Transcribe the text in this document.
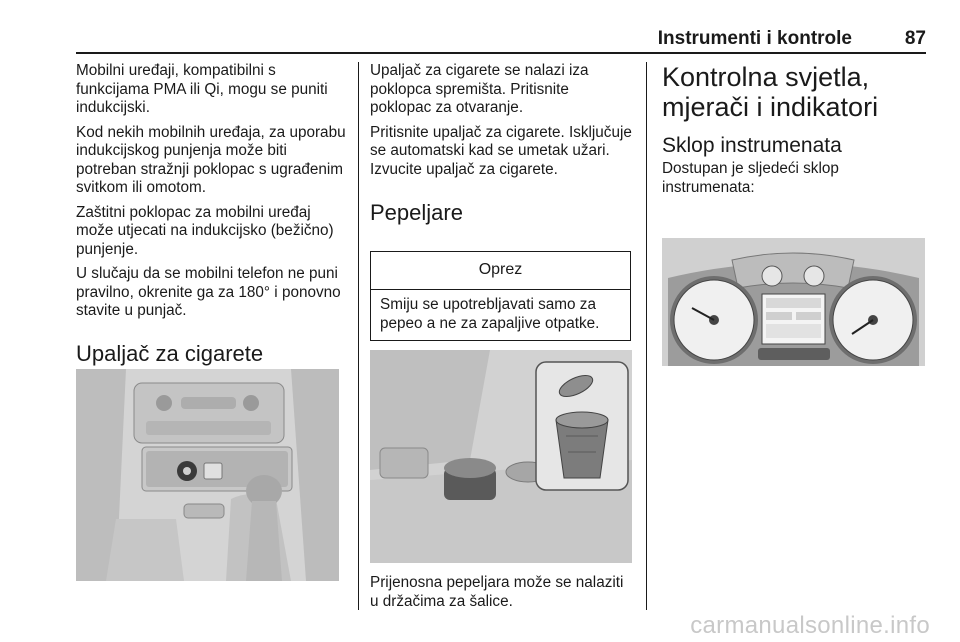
Instrumenti i kontrole	87

Mobilni uređaji, kompatibilni s funkcijama PMA ili Qi, mogu se puniti indukcijski.

Kod nekih mobilnih uređaja, za uporabu indukcijskog punjenja može biti potreban stražnji poklopac s ugrađenim svitkom ili omotom.

Zaštitni poklopac za mobilni uređaj može utjecati na indukcijsko (bežično) punjenje.

U slučaju da se mobilni telefon ne puni pravilno, okrenite ga za 180° i ponovno stavite u punjač.

Upaljač za cigarete

Upaljač za cigarete se nalazi iza poklopca spremišta. Pritisnite poklopac za otvaranje.

Pritisnite upaljač za cigarete. Isključuje se automatski kad se umetak užari. Izvucite upaljač za cigarete.

Pepeljare
Oprez
Smiju se upotrebljavati samo za pepeo a ne za zapaljive otpatke.

Prijenosna pepeljara može se nalaziti u držačima za šalice.

Kontrolna svjetla, mjerači i indikatori
Sklop instrumenata

Dostupan je sljedeći sklop instrumenata:

carmanualsonline.info
